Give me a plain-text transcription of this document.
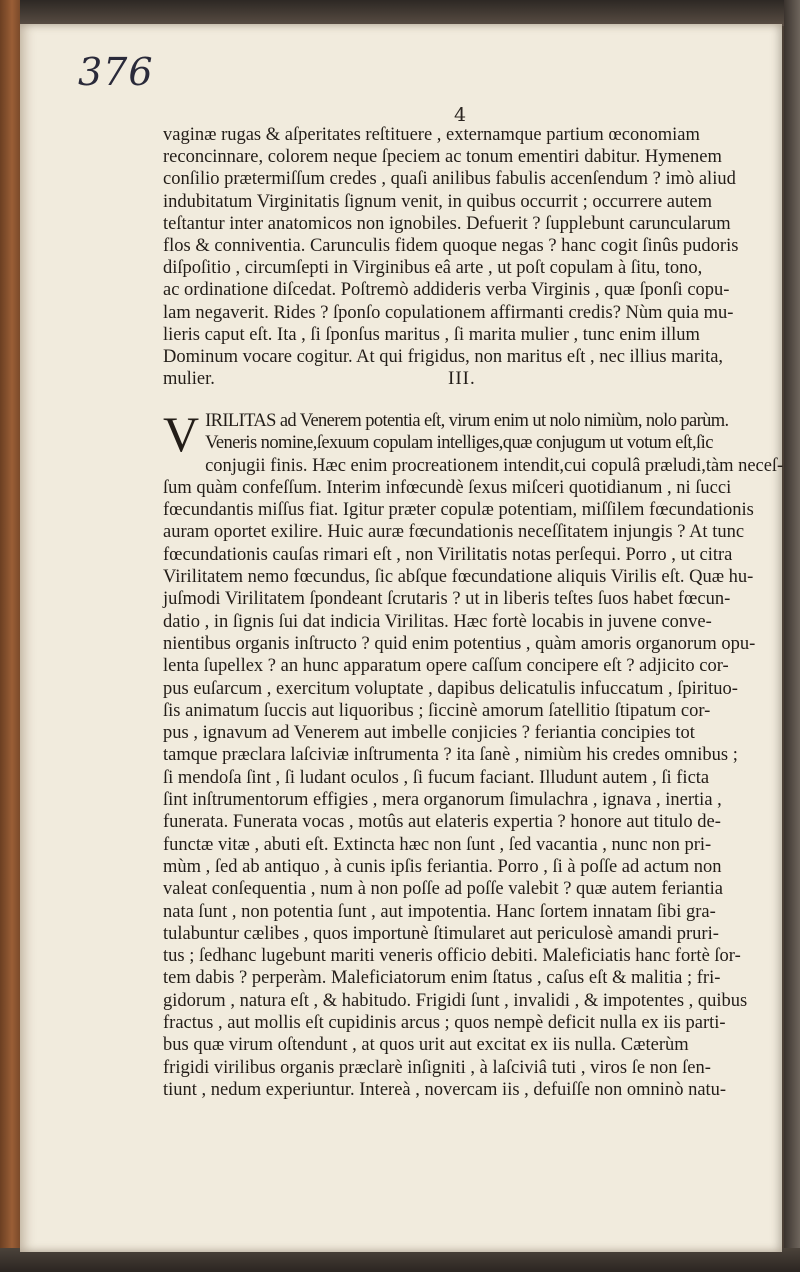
376
4

vaginæ rugas & aſperitates reſtituere , externamque partium œconomiam

reconcinnare, colorem neque ſpeciem ac tonum ementiri dabitur. Hymenem

conſilio prætermiſſum credes , quaſi anilibus fabulis accenſendum ? imò aliud

indubitatum Virginitatis ſignum venit, in quibus occurrit ; occurrere autem

teſtantur inter anatomicos non ignobiles. Defuerit ? ſupplebunt caruncularum

flos & conniventia. Carunculis fidem quoque negas ? hanc cogit ſinûs pudoris

diſpoſitio , circumſepti in Virginibus eâ arte , ut poſt copulam à ſitu, tono,

ac ordinatione diſcedat. Poſtremò addideris verba Virginis , quæ ſponſi copu-

lam negaverit. Rides ? ſponſo copulationem affirmanti credis? Nùm quia mu-

lieris caput eſt. Ita , ſi ſponſus maritus , ſi marita mulier , tunc enim illum

Dominum vocare cogitur. At qui frigidus, non maritus eſt , nec illius marita,

mulier.	III.
V IRILITAS ad Venerem potentia eſt, virum enim ut nolo nimiùm, nolo parùm.

Veneris nomine,ſexuum copulam intelliges,quæ conjugum ut votum eſt,ſic

conjugii finis. Hæc enim procreationem intendit,cui copulâ præludi,tàm neceſ-

ſum quàm confeſſum. Interim infœcundè ſexus miſceri quotidianum , ni ſucci

fœcundantis miſſus fiat. Igitur præter copulæ potentiam, miſſilem fœcundationis

auram oportet exilire. Huic auræ fœcundationis neceſſitatem injungis ? At tunc

fœcundationis cauſas rimari eſt , non Virilitatis notas perſequi. Porro , ut citra

Virilitatem nemo fœcundus, ſic abſque fœcundatione aliquis Virilis eſt. Quæ hu-

juſmodi Virilitatem ſpondeant ſcrutaris ? ut in liberis teſtes ſuos habet fœcun-

datio , in ſignis ſui dat indicia Virilitas. Hæc fortè locabis in juvene conve-

nientibus organis inſtructo ? quid enim potentius , quàm amoris organorum opu-

lenta ſupellex ? an hunc apparatum opere caſſum concipere eſt ? adjicito cor-

pus euſarcum , exercitum voluptate , dapibus delicatulis infuccatum , ſpirituo-

ſis animatum ſuccis aut liquoribus ; ſiccinè amorum ſatellitio ſtipatum cor-

pus , ignavum ad Venerem aut imbelle conjicies ? feriantia concipies tot

tamque præclara laſciviæ inſtrumenta ? ita ſanè , nimiùm his credes omnibus ;

ſi mendoſa ſint , ſi ludant oculos , ſi fucum faciant. Illudunt autem , ſi ficta

ſint inſtrumentorum effigies , mera organorum ſimulachra , ignava , inertia ,

funerata. Funerata vocas , motûs aut elateris expertia ? honore aut titulo de-

functæ vitæ , abuti eſt. Extincta hæc non ſunt , ſed vacantia , nunc non pri-

mùm , ſed ab antiquo , à cunis ipſis feriantia. Porro , ſi à poſſe ad actum non

valeat conſequentia , num à non poſſe ad poſſe valebit ? quæ autem feriantia

nata ſunt , non potentia ſunt , aut impotentia. Hanc ſortem innatam ſibi gra-

tulabuntur cælibes , quos importunè ſtimularet aut periculosè amandi pruri-

tus ; ſedhanc lugebunt mariti veneris officio debiti. Maleficiatis hanc fortè ſor-

tem dabis ? perperàm. Maleficiatorum enim ſtatus , caſus eſt & malitia ; fri-

gidorum , natura eſt , & habitudo. Frigidi ſunt , invalidi , & impotentes , quibus

fractus , aut mollis eſt cupidinis arcus ; quos nempè deficit nulla ex iis parti-

bus quæ virum oſtendunt , at quos urit aut excitat ex iis nulla. Cæterùm

frigidi virilibus organis præclarè inſigniti , à laſciviâ tuti , viros ſe non ſen-

tiunt , nedum experiuntur. Intereà , novercam iis , defuiſſe non omninò natu-
